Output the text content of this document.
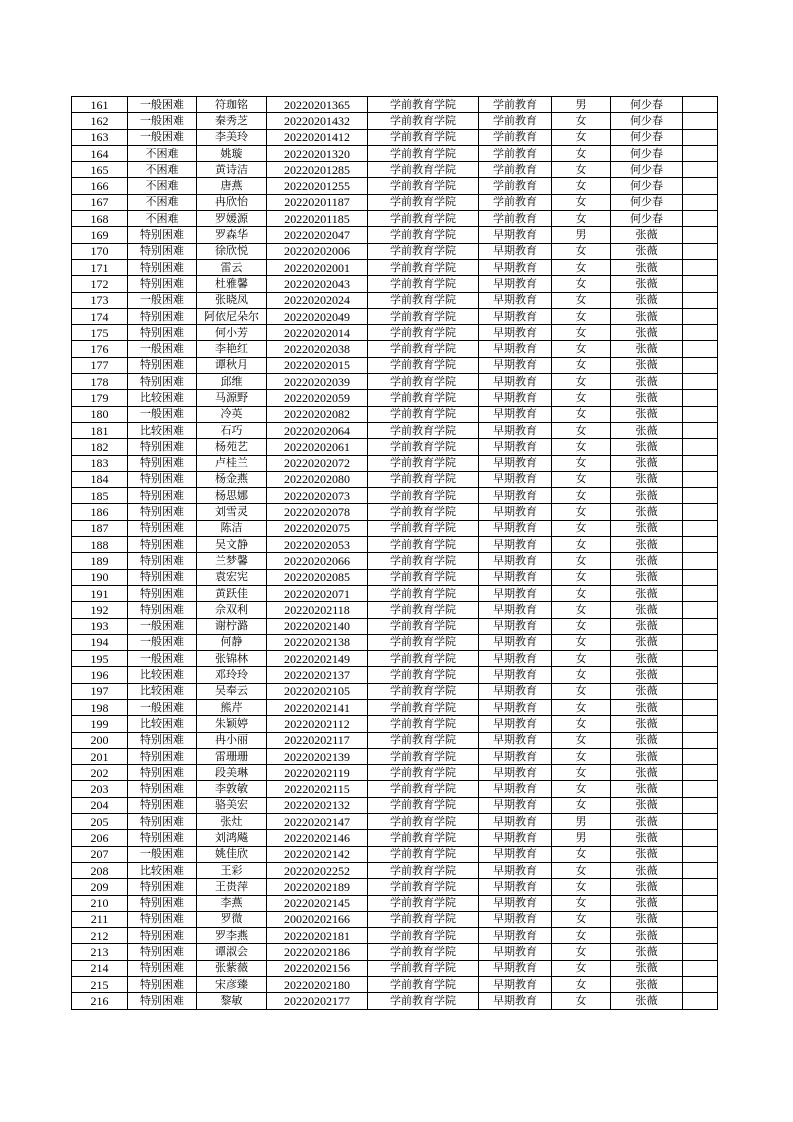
161	一般困难	符珈铭	20220201365	学前教育学院	学前教育	男	何少春	
162	一般困难	秦秀芝	20220201432	学前教育学院	学前教育	女	何少春	
163	一般困难	李美玲	20220201412	学前教育学院	学前教育	女	何少春	
164	不困难	姚璇	20220201320	学前教育学院	学前教育	女	何少春	
165	不困难	黄诗洁	20220201285	学前教育学院	学前教育	女	何少春	
166	不困难	唐燕	20220201255	学前教育学院	学前教育	女	何少春	
167	不困难	冉欣怡	20220201187	学前教育学院	学前教育	女	何少春	
168	不困难	罗媛源	20220201185	学前教育学院	学前教育	女	何少春	
169	特别困难	罗森华	20220202047	学前教育学院	早期教育	男	张薇	
170	特别困难	徐欣悦	20220202006	学前教育学院	早期教育	女	张薇	
171	特别困难	雷云	20220202001	学前教育学院	早期教育	女	张薇	
172	特别困难	杜雅馨	20220202043	学前教育学院	早期教育	女	张薇	
173	一般困难	张晓凤	20220202024	学前教育学院	早期教育	女	张薇	
174	特别困难	阿依尼朵尔	20220202049	学前教育学院	早期教育	女	张薇	
175	特别困难	何小芳	20220202014	学前教育学院	早期教育	女	张薇	
176	一般困难	李艳红	20220202038	学前教育学院	早期教育	女	张薇	
177	特别困难	谭秋月	20220202015	学前教育学院	早期教育	女	张薇	
178	特别困难	邱维	20220202039	学前教育学院	早期教育	女	张薇	
179	比较困难	马源野	20220202059	学前教育学院	早期教育	女	张薇	
180	一般困难	冷英	20220202082	学前教育学院	早期教育	女	张薇	
181	比较困难	石巧	20220202064	学前教育学院	早期教育	女	张薇	
182	特别困难	杨苑艺	20220202061	学前教育学院	早期教育	女	张薇	
183	特别困难	卢桂兰	20220202072	学前教育学院	早期教育	女	张薇	
184	特别困难	杨金燕	20220202080	学前教育学院	早期教育	女	张薇	
185	特别困难	杨思娜	20220202073	学前教育学院	早期教育	女	张薇	
186	特别困难	刘雪灵	20220202078	学前教育学院	早期教育	女	张薇	
187	特别困难	陈洁	20220202075	学前教育学院	早期教育	女	张薇	
188	特别困难	吴文静	20220202053	学前教育学院	早期教育	女	张薇	
189	特别困难	兰梦馨	20220202066	学前教育学院	早期教育	女	张薇	
190	特别困难	袁宏宪	20220202085	学前教育学院	早期教育	女	张薇	
191	特别困难	黄跃佳	20220202071	学前教育学院	早期教育	女	张薇	
192	特别困难	佘双利	20220202118	学前教育学院	早期教育	女	张薇	
193	一般困难	谢柠潞	20220202140	学前教育学院	早期教育	女	张薇	
194	一般困难	何静	20220202138	学前教育学院	早期教育	女	张薇	
195	一般困难	张锦林	20220202149	学前教育学院	早期教育	女	张薇	
196	比较困难	邓玲玲	20220202137	学前教育学院	早期教育	女	张薇	
197	比较困难	吴奉云	20220202105	学前教育学院	早期教育	女	张薇	
198	一般困难	熊芹	20220202141	学前教育学院	早期教育	女	张薇	
199	比较困难	朱颖婷	20220202112	学前教育学院	早期教育	女	张薇	
200	特别困难	冉小丽	20220202117	学前教育学院	早期教育	女	张薇	
201	特别困难	雷珊珊	20220202139	学前教育学院	早期教育	女	张薇	
202	特别困难	段美琳	20220202119	学前教育学院	早期教育	女	张薇	
203	特别困难	李敦敏	20220202115	学前教育学院	早期教育	女	张薇	
204	特别困难	骆美宏	20220202132	学前教育学院	早期教育	女	张薇	
205	特别困难	张灶	20220202147	学前教育学院	早期教育	男	张薇	
206	特别困难	刘鸿飚	20220202146	学前教育学院	早期教育	男	张薇	
207	一般困难	姚佳欣	20220202142	学前教育学院	早期教育	女	张薇	
208	比较困难	王彩	20220202252	学前教育学院	早期教育	女	张薇	
209	特别困难	王贵萍	20220202189	学前教育学院	早期教育	女	张薇	
210	特别困难	李燕	20220202145	学前教育学院	早期教育	女	张薇	
211	特别困难	罗微	20020202166	学前教育学院	早期教育	女	张薇	
212	特别困难	罗李燕	20220202181	学前教育学院	早期教育	女	张薇	
213	特别困难	谭淑会	20220202186	学前教育学院	早期教育	女	张薇	
214	特别困难	张紫薇	20220202156	学前教育学院	早期教育	女	张薇	
215	特别困难	宋彦臻	20220202180	学前教育学院	早期教育	女	张薇	
216	特别困难	黎敏	20220202177	学前教育学院	早期教育	女	张薇	
